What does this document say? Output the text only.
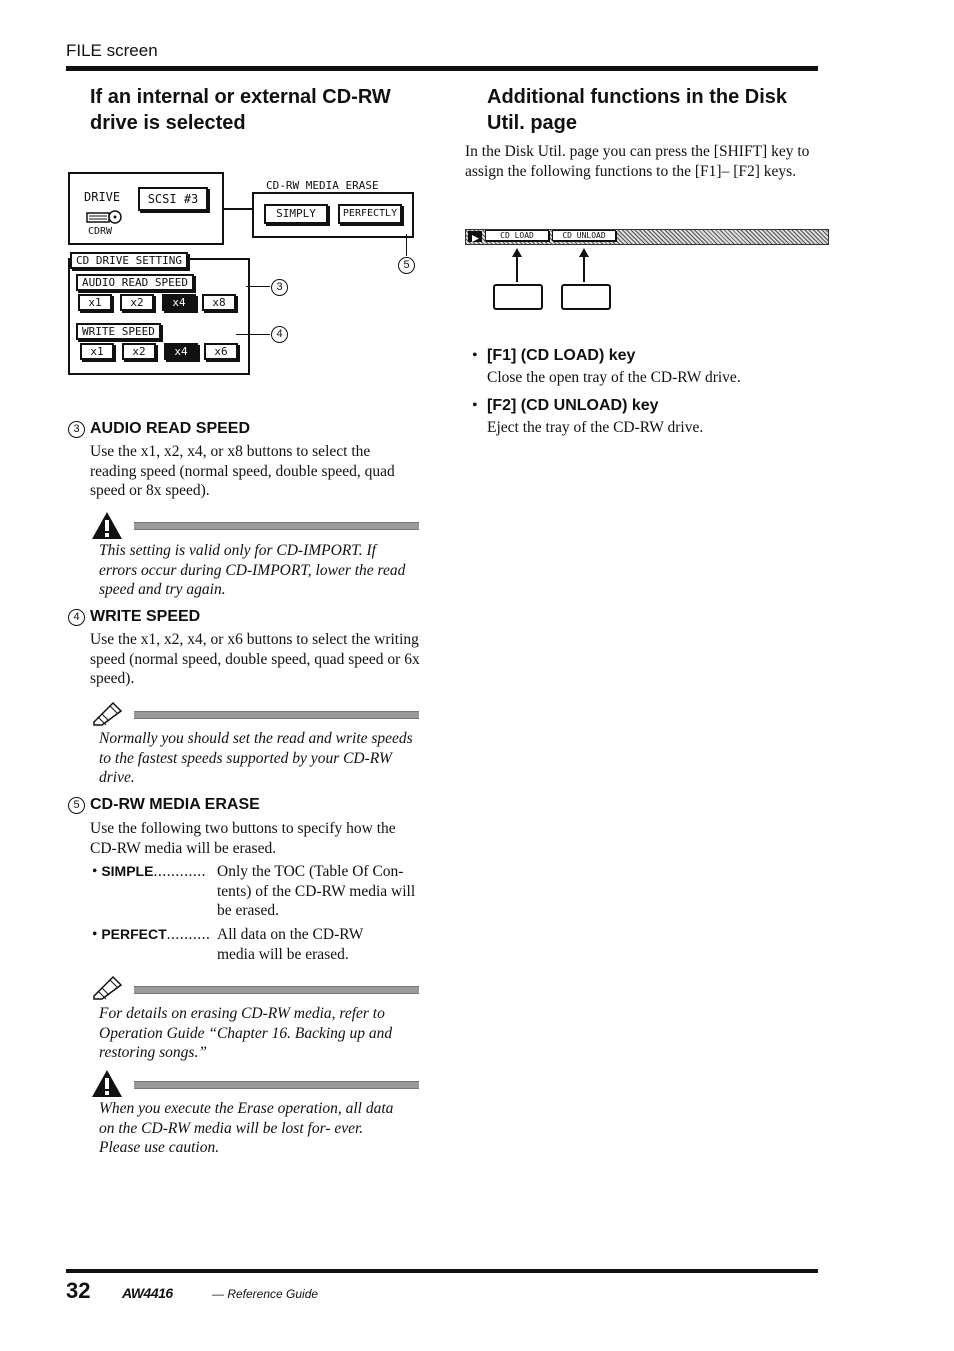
FILE screen
If an internal or external CD-RW drive is selected
DRIVE	SCSI #3
CDRW
CD-RW MEDIA ERASE
SIMPLY	PERFECTLY
CD DRIVE SETTING
AUDIO READ SPEED
x1	x2	x4	x8
WRITE SPEED
x1	x2	x4	x6
3
4
5
3 AUDIO READ SPEED
Use the x1, x2, x4, or x8 buttons to select the reading speed (normal speed, double speed, quad speed or 8x speed).
This setting is valid only for CD-IMPORT. If errors occur during CD-IMPORT, lower the read speed and try again.
4 WRITE SPEED
Use the x1, x2, x4, or x6 buttons to select the writing speed (normal speed, double speed, quad speed or 6x speed).
Normally you should set the read and write speeds to the fastest speeds supported by your CD-RW drive.
5 CD-RW MEDIA ERASE
Use the following two buttons to specify how the CD-RW media will be erased.
• SIMPLE............ Only the TOC (Table Of Con- tents) of the CD-RW media will be erased.
• PERFECT.......... All data on the CD-RW media will be erased.
For details on erasing CD-RW media, refer to Operation Guide “Chapter 16. Backing up and restoring songs.”
When you execute the Erase operation, all data on the CD-RW media will be lost for- ever. Please use caution.
Additional functions in the Disk Util. page
In the Disk Util. page you can press the [SHIFT] key to assign the following functions to the [F1]– [F2] keys.
CD LOAD	CD UNLOAD
• [F1] (CD LOAD) key
Close the open tray of the CD-RW drive.
• [F2] (CD UNLOAD) key
Eject the tray of the CD-RW drive.
32 AW4416	— Reference Guide
